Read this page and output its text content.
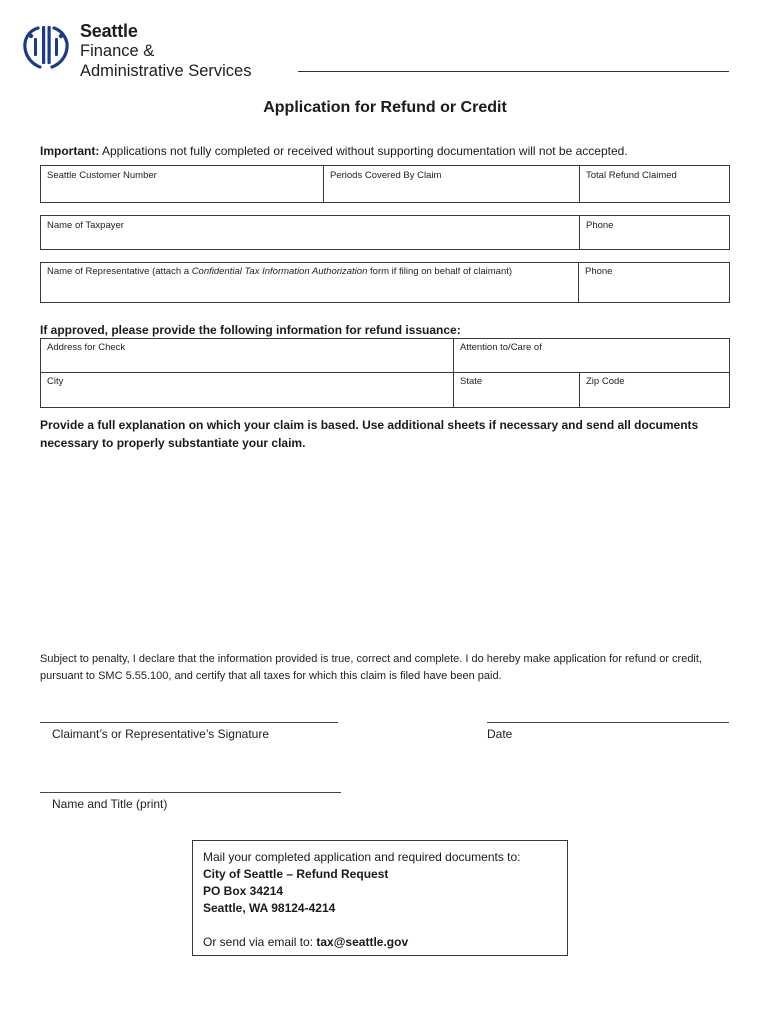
Seattle
Finance &
Administrative Services
Application for Refund or Credit
Important: Applications not fully completed or received without supporting documentation will not be accepted.
Seattle Customer Number	Periods Covered By Claim	Total Refund Claimed
Name of Taxpayer	Phone
Name of Representative (attach a Confidential Tax Information Authorization form if filing on behalf of claimant)	Phone
If approved, please provide the following information for refund issuance:
Address for Check	Attention to/Care of
City	State	Zip Code
Provide a full explanation on which your claim is based. Use additional sheets if necessary and send all documents necessary to properly substantiate your claim.
Subject to penalty, I declare that the information provided is true, correct and complete. I do hereby make application for refund or credit, pursuant to SMC 5.55.100, and certify that all taxes for which this claim is filed have been paid.
Claimant’s or Representative’s Signature	Date
Name and Title (print)
Mail your completed application and required documents to:
City of Seattle – Refund Request
PO Box 34214
Seattle, WA 98124-4214
Or send via email to: tax@seattle.gov
